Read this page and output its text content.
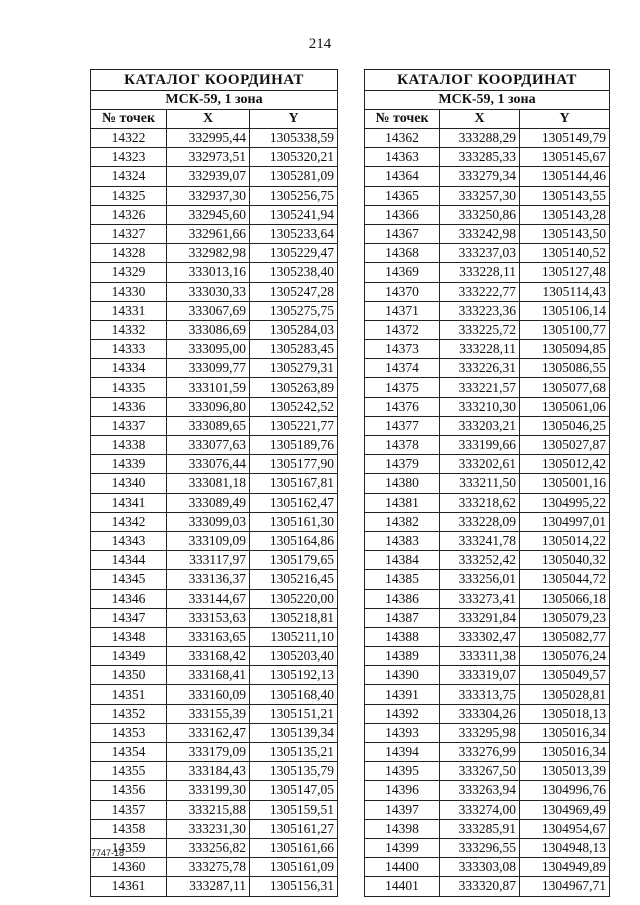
214
КАТАЛОГ КООРДИНАТ		
МСК-59, 1 зона		
№ точек	X	Y
14322	332995,44	1305338,59
14323	332973,51	1305320,21
14324	332939,07	1305281,09
14325	332937,30	1305256,75
14326	332945,60	1305241,94
14327	332961,66	1305233,64
14328	332982,98	1305229,47
14329	333013,16	1305238,40
14330	333030,33	1305247,28
14331	333067,69	1305275,75
14332	333086,69	1305284,03
14333	333095,00	1305283,45
14334	333099,77	1305279,31
14335	333101,59	1305263,89
14336	333096,80	1305242,52
14337	333089,65	1305221,77
14338	333077,63	1305189,76
14339	333076,44	1305177,90
14340	333081,18	1305167,81
14341	333089,49	1305162,47
14342	333099,03	1305161,30
14343	333109,09	1305164,86
14344	333117,97	1305179,65
14345	333136,37	1305216,45
14346	333144,67	1305220,00
14347	333153,63	1305218,81
14348	333163,65	1305211,10
14349	333168,42	1305203,40
14350	333168,41	1305192,13
14351	333160,09	1305168,40
14352	333155,39	1305151,21
14353	333162,47	1305139,34
14354	333179,09	1305135,21
14355	333184,43	1305135,79
14356	333199,30	1305147,05
14357	333215,88	1305159,51
14358	333231,30	1305161,27
14359	333256,82	1305161,66
14360	333275,78	1305161,09
14361	333287,11	1305156,31
КАТАЛОГ КООРДИНАТ		
МСК-59, 1 зона		
№ точек	X	Y
14362	333288,29	1305149,79
14363	333285,33	1305145,67
14364	333279,34	1305144,46
14365	333257,30	1305143,55
14366	333250,86	1305143,28
14367	333242,98	1305143,50
14368	333237,03	1305140,52
14369	333228,11	1305127,48
14370	333222,77	1305114,43
14371	333223,36	1305106,14
14372	333225,72	1305100,77
14373	333228,11	1305094,85
14374	333226,31	1305086,55
14375	333221,57	1305077,68
14376	333210,30	1305061,06
14377	333203,21	1305046,25
14378	333199,66	1305027,87
14379	333202,61	1305012,42
14380	333211,50	1305001,16
14381	333218,62	1304995,22
14382	333228,09	1304997,01
14383	333241,78	1305014,22
14384	333252,42	1305040,32
14385	333256,01	1305044,72
14386	333273,41	1305066,18
14387	333291,84	1305079,23
14388	333302,47	1305082,77
14389	333311,38	1305076,24
14390	333319,07	1305049,57
14391	333313,75	1305028,81
14392	333304,26	1305018,13
14393	333295,98	1305016,34
14394	333276,99	1305016,34
14395	333267,50	1305013,39
14396	333263,94	1304996,76
14397	333274,00	1304969,49
14398	333285,91	1304954,67
14399	333296,55	1304948,13
14400	333303,08	1304949,89
14401	333320,87	1304967,71
7747-18
